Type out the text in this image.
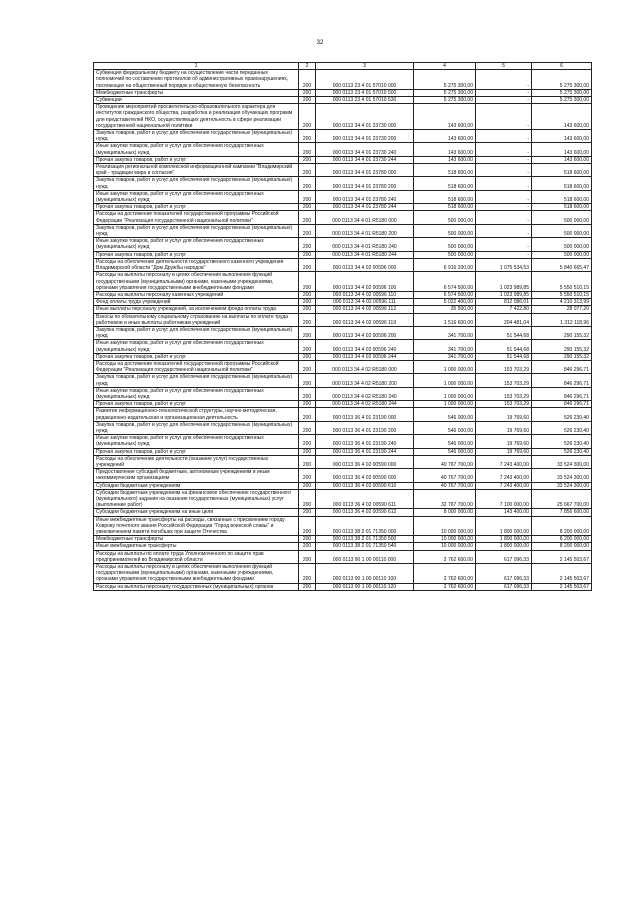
32
1	2	3	4	5	6
Субвенция федеральному бюджету на осуществление части переданных полномочий по составлению протоколов об административных правонарушениях, посягающих на общественный порядок и общественную безопасность	200	000 0113 23 4 01 57010 000	5 275 300,00	-	5 275 300,00
Межбюджетные трансферты	200	000 0113 23 4 01 57010 500	5 275 300,00	-	5 275 300,00
Субвенции	200	000 0113 23 4 01 57010 530	5 275 300,00	-	5 275 300,00
Проведение мероприятий просветительско-образовательного характера для институтов гражданского общества, разработка и реализация обучающих программ для представителей НКО, осуществляющих деятельность в сфере реализации государственной национальной политики	200	000 0113 34 4 01 23730 000	143 600,00	-	143 600,00
Закупка товаров, работ и услуг для обеспечения государственных (муниципальных) нужд	200	000 0113 34 4 01 23730 200	143 600,00	-	143 600,00
Иные закупки товаров, работ и услуг для обеспечения государственных (муниципальных) нужд	200	000 0113 34 4 01 23730 240	143 600,00	-	143 600,00
Прочая закупка товаров, работ и услуг	200	000 0113 34 4 01 23730 244	143 600,00	-	143 600,00
Реализация региональной комплексной информационной кампании "Владимирский край - традиции мира и согласия"	200	000 0113 34 4 01 23780 000	518 600,00	-	518 600,00
Закупка товаров, работ и услуг для обеспечения государственных (муниципальных) нужд	200	000 0113 34 4 01 23780 200	518 600,00	-	518 600,00
Иные закупки товаров, работ и услуг для обеспечения государственных (муниципальных) нужд	200	000 0113 34 4 01 23780 240	518 600,00	-	518 600,00
Прочая закупка товаров, работ и услуг	200	000 0113 34 4 01 23780 244	518 600,00	-	518 600,00
Расходы на достижение показателей государственной программы Российской Федерации "Реализация государственной национальной политики"	200	000 0113 34 4 01 R5180 000	500 000,00	-	500 000,00
Закупка товаров, работ и услуг для обеспечения государственных (муниципальных) нужд	200	000 0113 34 4 01 R5180 200	500 000,00	-	500 000,00
Иные закупки товаров, работ и услуг для обеспечения государственных (муниципальных) нужд	200	000 0113 34 4 01 R5180 240	500 000,00	-	500 000,00
Прочая закупка товаров, работ и услуг	200	000 0113 34 4 01 R5180 244	500 000,00	-	500 000,00
Расходы на обеспечение деятельности государственного казенного учреждения Владимирской области "Дом Дружбы народов"	200	000 0113 34 4 02 00596 000	6 916 200,00	1 075 534,53	5 840 665,47
Расходы на выплаты персоналу в целях обеспечения выполнения функций государственными (муниципальными) органами, казенными учреждениями, органами управления государственными внебюджетными фондами	200	000 0113 34 4 02 00596 100	6 574 500,00	1 023 989,85	5 550 510,15
Расходы на выплаты персоналу казенных учреждений	200	000 0113 34 4 02 00596 110	6 574 500,00	1 023 989,85	5 550 510,15
Фонд оплаты труда учреждений	200	000 0113 34 4 02 00596 111	5 022 400,00	812 086,01	4 210 313,99
Иные выплаты персоналу учреждений, за исключением фонда оплаты труда	200	000 0113 34 4 02 00596 112	35 500,00	7 422,80	28 077,20
Взносы по обязательному социальному страхованию на выплаты по оплате труда работников и иные выплаты работникам учреждений	200	000 0113 34 4 02 00596 119	1 516 600,00	204 481,04	1 312 118,96
Закупка товаров, работ и услуг для обеспечения государственных (муниципальных) нужд	200	000 0113 34 4 02 00596 200	341 700,00	51 544,68	290 155,32
Иные закупки товаров, работ и услуг для обеспечения государственных (муниципальных) нужд	200	000 0113 34 4 02 00596 240	341 700,00	51 544,68	290 155,32
Прочая закупка товаров, работ и услуг	200	000 0113 34 4 02 00596 244	341 700,00	51 544,68	290 155,32
Расходы на достижение показателей государственной программы Российской Федерации "Реализация государственной национальной политики"	200	000 0113 34 4 02 R5180 000	1 000 000,00	153 703,29	846 296,71
Закупка товаров, работ и услуг для обеспечения государственных (муниципальных) нужд	200	000 0113 34 4 02 R5180 200	1 000 000,00	153 703,29	846 296,71
Иные закупки товаров, работ и услуг для обеспечения государственных (муниципальных) нужд	200	000 0113 34 4 02 R5180 240	1 000 000,00	153 703,29	846 296,71
Прочая закупка товаров, работ и услуг	200	000 0113 34 4 02 R5180 244	1 000 000,00	153 703,29	846 296,71
Развитие информационно-технологической структуры, научно-методическая, редакционно-издательская и организационная деятельность	200	000 0113 36 4 01 23190 000	546 000,00	19 769,60	526 230,40
Закупка товаров, работ и услуг для обеспечения государственных (муниципальных) нужд	200	000 0113 36 4 01 23190 200	546 000,00	19 769,60	526 230,40
Иные закупки товаров, работ и услуг для обеспечения государственных (муниципальных) нужд	200	000 0113 36 4 01 23190 240	546 000,00	19 769,60	526 230,40
Прочая закупка товаров, работ и услуг	200	000 0113 36 4 01 23190 244	546 000,00	19 769,60	526 230,40
Расходы на обеспечение деятельности (оказание услуг) государственных учреждений	200	000 0113 36 4 02 00590 000	40 767 700,00	7 243 400,00	33 524 300,00
Предоставление субсидий бюджетным, автономным учреждениям и иным некоммерческим организациям	200	000 0113 36 4 02 00590 600	40 767 700,00	7 243 400,00	33 524 300,00
Субсидии бюджетным учреждениям	200	000 0113 36 4 02 00590 610	40 767 700,00	7 243 400,00	33 524 300,00
Субсидии бюджетным учреждениям на финансовое обеспечение государственного (муниципального) задания на оказание государственных (муниципальных) услуг (выполнение работ)	200	000 0113 36 4 02 00590 611	32 767 700,00	7 100 000,00	25 667 700,00
Субсидии бюджетным учреждениям на иные цели	200	000 0113 36 4 02 00590 612	8 000 000,00	143 400,00	7 856 600,00
Иные межбюджетные трансферты на расходы, связанные с присвоением городу Коврову почетного звания Российской Федерации "Город воинской славы" и увековечением памяти погибших при защите Отечества	200	000 0113 38 2 01 71350 000	10 000 000,00	1 800 000,00	8 200 000,00
Межбюджетные трансферты	200	000 0113 38 2 01 71350 500	10 000 000,00	1 800 000,00	8 200 000,00
Иные межбюджетные трансферты	200	000 0113 38 2 01 71350 540	10 000 000,00	1 800 000,00	8 200 000,00
Расходы на выплаты по оплате труда Уполномоченного по защите прав предпринимателей во Владимирской области	200	000 0113 90 1 00 00110 000	2 762 600,00	617 096,33	2 145 503,67
Расходы на выплаты персоналу в целях обеспечения выполнения функций государственными (муниципальными) органами, казенными учреждениями, органами управления государственными внебюджетными фондами	200	000 0113 90 1 00 00110 100	2 762 600,00	617 096,33	2 145 503,67
Расходы на выплаты персоналу государственных (муниципальных) органов	200	000 0113 90 1 00 00110 120	2 762 600,00	617 096,33	2 145 503,67
